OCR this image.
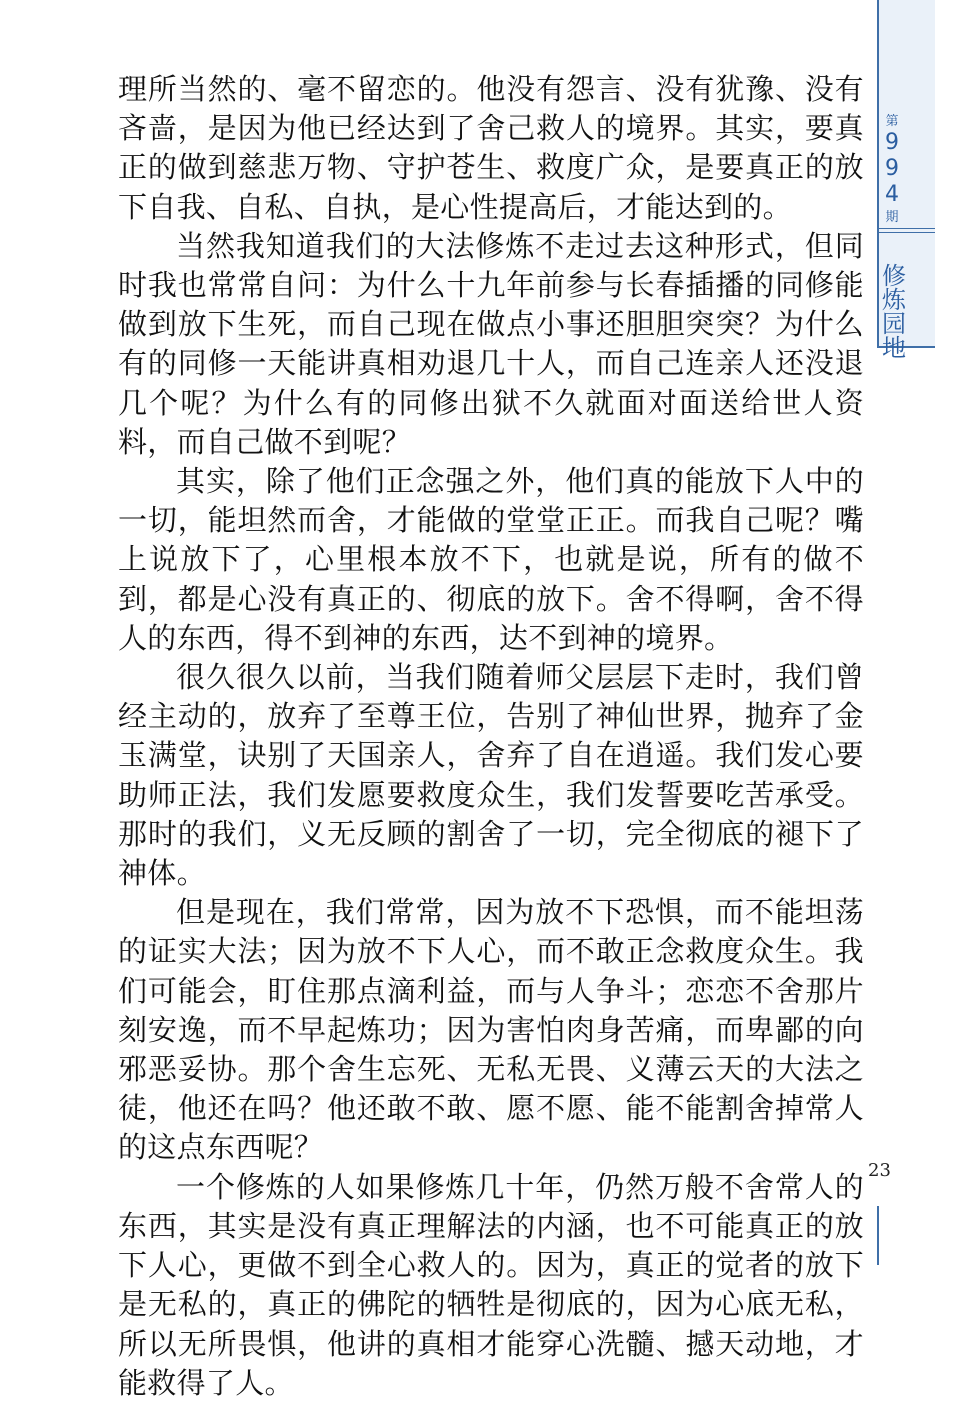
第
994
期

修炼园地

23

理所当然的、毫不留恋的。他没有怨言、没有犹豫、没有吝啬，是因为他已经达到了舍己救人的境界。其实，要真正的做到慈悲万物、守护苍生、救度广众，是要真正的放下自我、自私、自执，是心性提高后，才能达到的。

当然我知道我们的大法修炼不走过去这种形式，但同时我也常常自问：为什么十九年前参与长春插播的同修能做到放下生死，而自己现在做点小事还胆胆突突？为什么有的同修一天能讲真相劝退几十人，而自己连亲人还没退几个呢？为什么有的同修出狱不久就面对面送给世人资料，而自己做不到呢？

其实，除了他们正念强之外，他们真的能放下人中的一切，能坦然而舍，才能做的堂堂正正。而我自己呢？嘴上说放下了，心里根本放不下，也就是说，所有的做不到，都是心没有真正的、彻底的放下。舍不得啊，舍不得人的东西，得不到神的东西，达不到神的境界。

很久很久以前，当我们随着师父层层下走时，我们曾经主动的，放弃了至尊王位，告别了神仙世界，抛弃了金玉满堂，诀别了天国亲人，舍弃了自在逍遥。我们发心要助师正法，我们发愿要救度众生，我们发誓要吃苦承受。那时的我们，义无反顾的割舍了一切，完全彻底的褪下了神体。

但是现在，我们常常，因为放不下恐惧，而不能坦荡的证实大法；因为放不下人心，而不敢正念救度众生。我们可能会，盯住那点滴利益，而与人争斗；恋恋不舍那片刻安逸，而不早起炼功；因为害怕肉身苦痛，而卑鄙的向邪恶妥协。那个舍生忘死、无私无畏、义薄云天的大法之徒，他还在吗？他还敢不敢、愿不愿、能不能割舍掉常人的这点东西呢？

一个修炼的人如果修炼几十年，仍然万般不舍常人的东西，其实是没有真正理解法的内涵，也不可能真正的放下人心，更做不到全心救人的。因为，真正的觉者的放下是无私的，真正的佛陀的牺牲是彻底的，因为心底无私，所以无所畏惧，他讲的真相才能穿心洗髓、撼天动地，才能救得了人。
